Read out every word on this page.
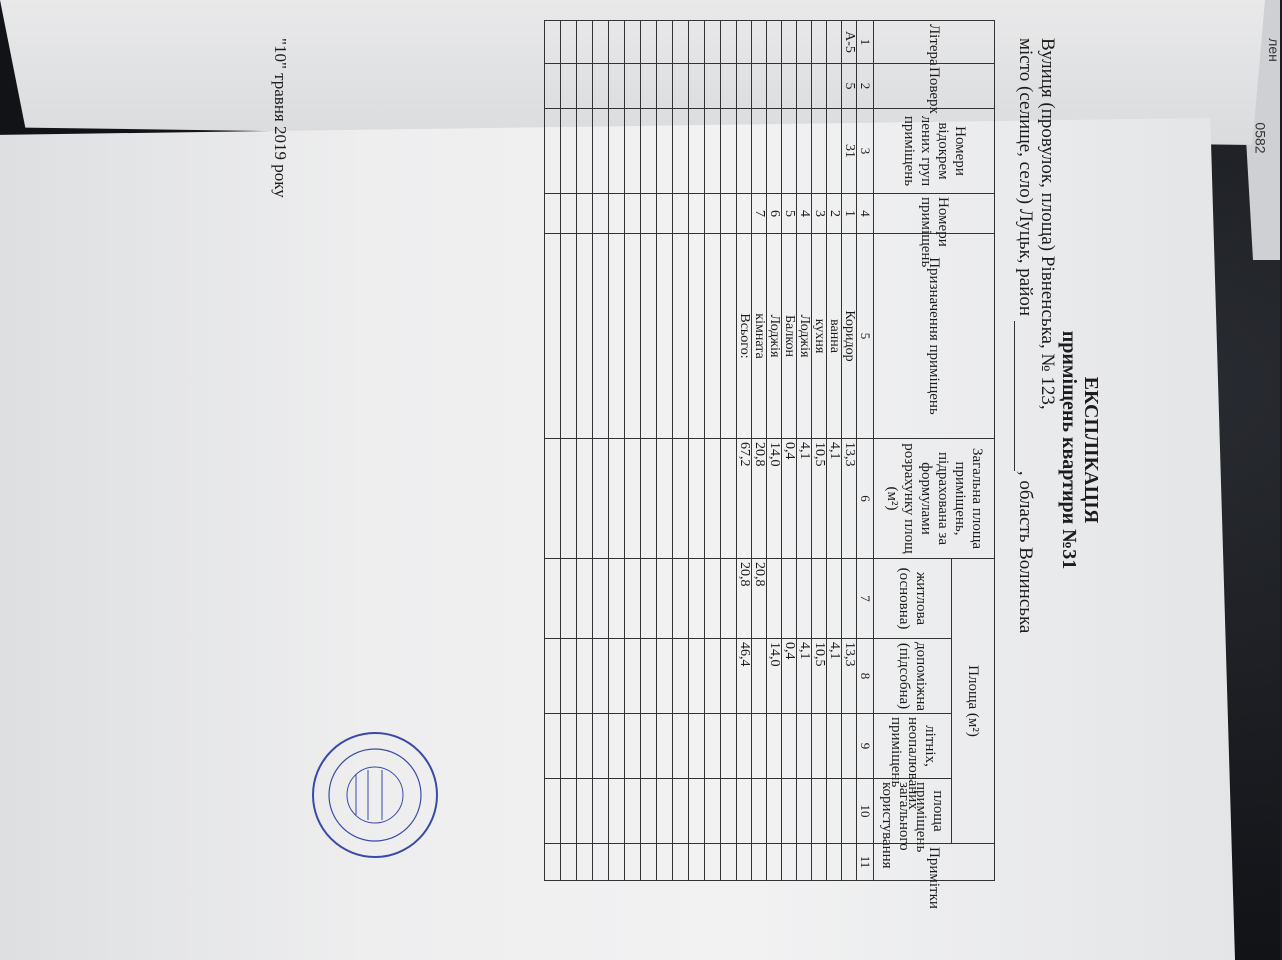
лен
0582
ЕКСПЛІКАЦІЯ
приміщень квартири №31
Вулиця (провулок, площа) Рівненська, № 123,
місто (селище, село) Луцьк, район , область Волинська
Літера	Поверх	Номери відокрем лених груп приміщень	Номери приміщень	Призначення приміщень	Загальна площа приміщень, підрахована за формулами розрахунку площ (м²)	Площа (м²)				Примітки
						житлова (основна)	допоміжна (підсобна)	літніх, неопалюваних приміщень	площа приміщень загального користування	
1	2	3	4	5	6	7	8	9	10	11
А-5	5	31	1	Коридор	13,3		13,3			
			2	ванна	4,1		4,1			
			3	кухня	10,5		10,5			
			4	Лоджія	4,1		4,1			
			5	Балкон	0,4		0,4			
			6	Лоджія	14,0		14,0			
			7	кімната	20,8	20,8				
				Всього:	67,2	20,8	46,4			

"10" травня 2019 року
